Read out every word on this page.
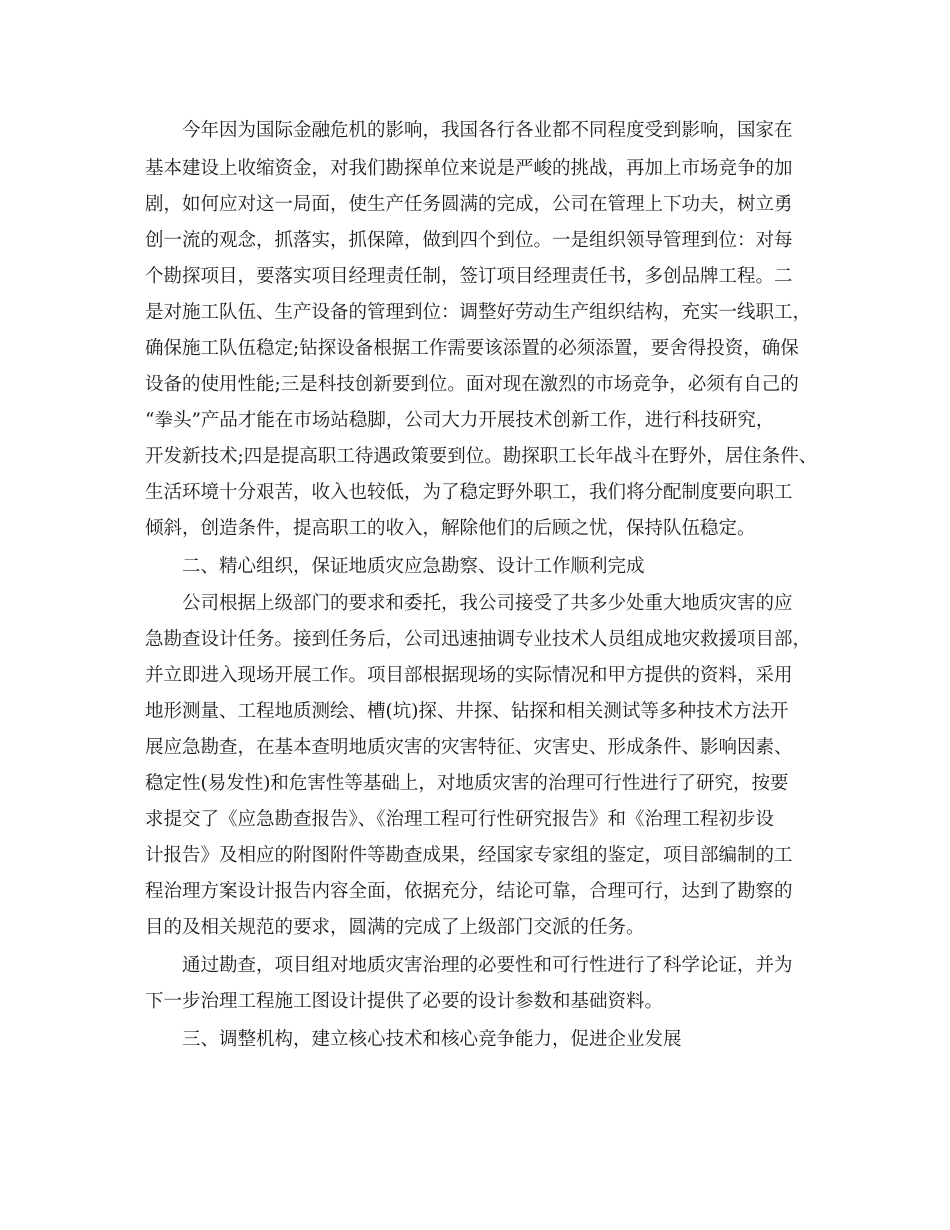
今年因为国际金融危机的影响，我国各行各业都不同程度受到影响，国家在
基本建设上收缩资金，对我们勘探单位来说是严峻的挑战，再加上市场竞争的加
剧，如何应对这一局面，使生产任务圆满的完成，公司在管理上下功夫，树立勇
创一流的观念，抓落实，抓保障，做到四个到位。一是组织领导管理到位：对每
个勘探项目，要落实项目经理责任制，签订项目经理责任书，多创品牌工程。二
是对施工队伍、生产设备的管理到位：调整好劳动生产组织结构，充实一线职工，
确保施工队伍稳定;钻探设备根据工作需要该添置的必须添置，要舍得投资，确保
设备的使用性能;三是科技创新要到位。面对现在激烈的市场竞争，必须有自己的
“拳头”产品才能在市场站稳脚，公司大力开展技术创新工作，进行科技研究，
开发新技术;四是提高职工待遇政策要到位。勘探职工长年战斗在野外，居住条件、
生活环境十分艰苦，收入也较低，为了稳定野外职工，我们将分配制度要向职工
倾斜，创造条件，提高职工的收入，解除他们的后顾之忧，保持队伍稳定。
二、精心组织，保证地质灾应急勘察、设计工作顺利完成
公司根据上级部门的要求和委托，我公司接受了共多少处重大地质灾害的应
急勘查设计任务。接到任务后，公司迅速抽调专业技术人员组成地灾救援项目部，
并立即进入现场开展工作。项目部根据现场的实际情况和甲方提供的资料，采用
地形测量、工程地质测绘、槽(坑)探、井探、钻探和相关测试等多种技术方法开
展应急勘查，在基本查明地质灾害的灾害特征、灾害史、形成条件、影响因素、
稳定性(易发性)和危害性等基础上，对地质灾害的治理可行性进行了研究，按要
求提交了《应急勘查报告》、《治理工程可行性研究报告》和《治理工程初步设
计报告》及相应的附图附件等勘查成果，经国家专家组的鉴定，项目部编制的工
程治理方案设计报告内容全面，依据充分，结论可靠，合理可行，达到了勘察的
目的及相关规范的要求，圆满的完成了上级部门交派的任务。
通过勘查，项目组对地质灾害治理的必要性和可行性进行了科学论证，并为
下一步治理工程施工图设计提供了必要的设计参数和基础资料。
三、调整机构，建立核心技术和核心竞争能力，促进企业发展
